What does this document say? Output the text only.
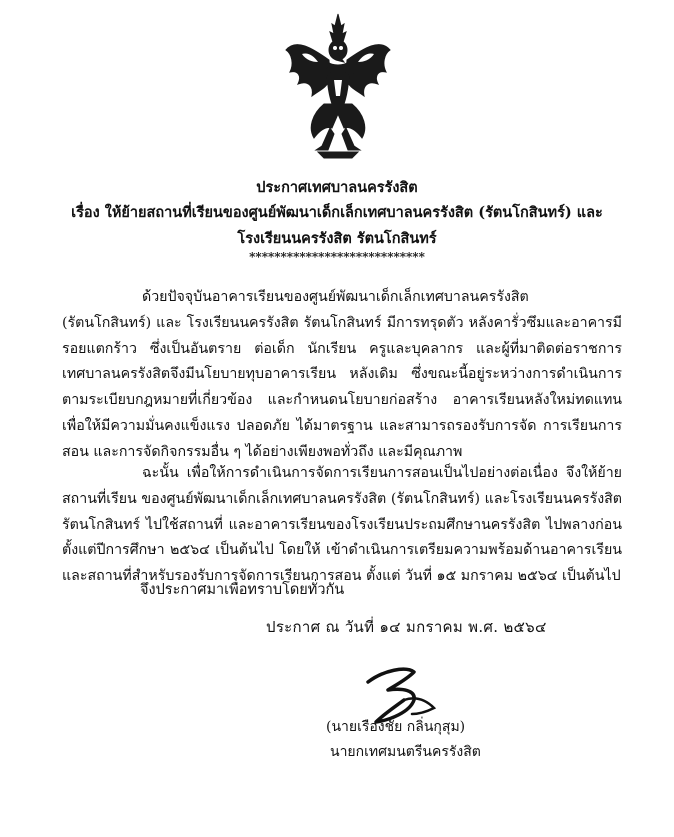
ประกาศเทศบาลนครรังสิต
เรื่อง ให้ย้ายสถานที่เรียนของศูนย์พัฒนาเด็กเล็กเทศบาลนครรังสิต (รัตนโกสินทร์) และ
โรงเรียนนครรังสิต รัตนโกสินทร์
****************************
ด้วยปัจจุบันอาคารเรียนของศูนย์พัฒนาเด็กเล็กเทศบาลนครรังสิต (รัตนโกสินทร์) และ โรงเรียนนครรังสิต รัตนโกสินทร์ มีการทรุดตัว หลังคารั่วซึมและอาคารมีรอยแตกร้าว ซึ่งเป็นอันตราย ต่อเด็ก นักเรียน ครูและบุคลากร และผู้ที่มาติดต่อราชการ เทศบาลนครรังสิตจึงมีนโยบายทุบอาคารเรียน หลังเดิม ซึ่งขณะนี้อยู่ระหว่างการดำเนินการตามระเบียบกฎหมายที่เกี่ยวข้อง และกำหนดนโยบายก่อสร้าง อาคารเรียนหลังใหม่ทดแทนเพื่อให้มีความมั่นคงแข็งแรง ปลอดภัย ได้มาตรฐาน และสามารถรองรับการจัด การเรียนการสอน และการจัดกิจกรรมอื่น ๆ ได้อย่างเพียงพอทั่วถึง และมีคุณภาพ
ฉะนั้น เพื่อให้การดำเนินการจัดการเรียนการสอนเป็นไปอย่างต่อเนื่อง จึงให้ย้ายสถานที่เรียน ของศูนย์พัฒนาเด็กเล็กเทศบาลนครรังสิต (รัตนโกสินทร์) และโรงเรียนนครรังสิต รัตนโกสินทร์ ไปใช้สถานที่ และอาคารเรียนของโรงเรียนประถมศึกษานครรังสิต ไปพลางก่อน ตั้งแต่ปีการศึกษา ๒๕๖๔ เป็นต้นไป โดยให้ เข้าดำเนินการเตรียมความพร้อมด้านอาคารเรียนและสถานที่สำหรับรองรับการจัดการเรียนการสอน ตั้งแต่ วันที่ ๑๕ มกราคม ๒๕๖๔ เป็นต้นไป
จึงประกาศมาเพื่อทราบโดยทั่วกัน
ประกาศ ณ วันที่ ๑๔ มกราคม พ.ศ. ๒๕๖๔
(นายเรืองชัย กลิ่นกุสุม)
นายกเทศมนตรีนครรังสิต
